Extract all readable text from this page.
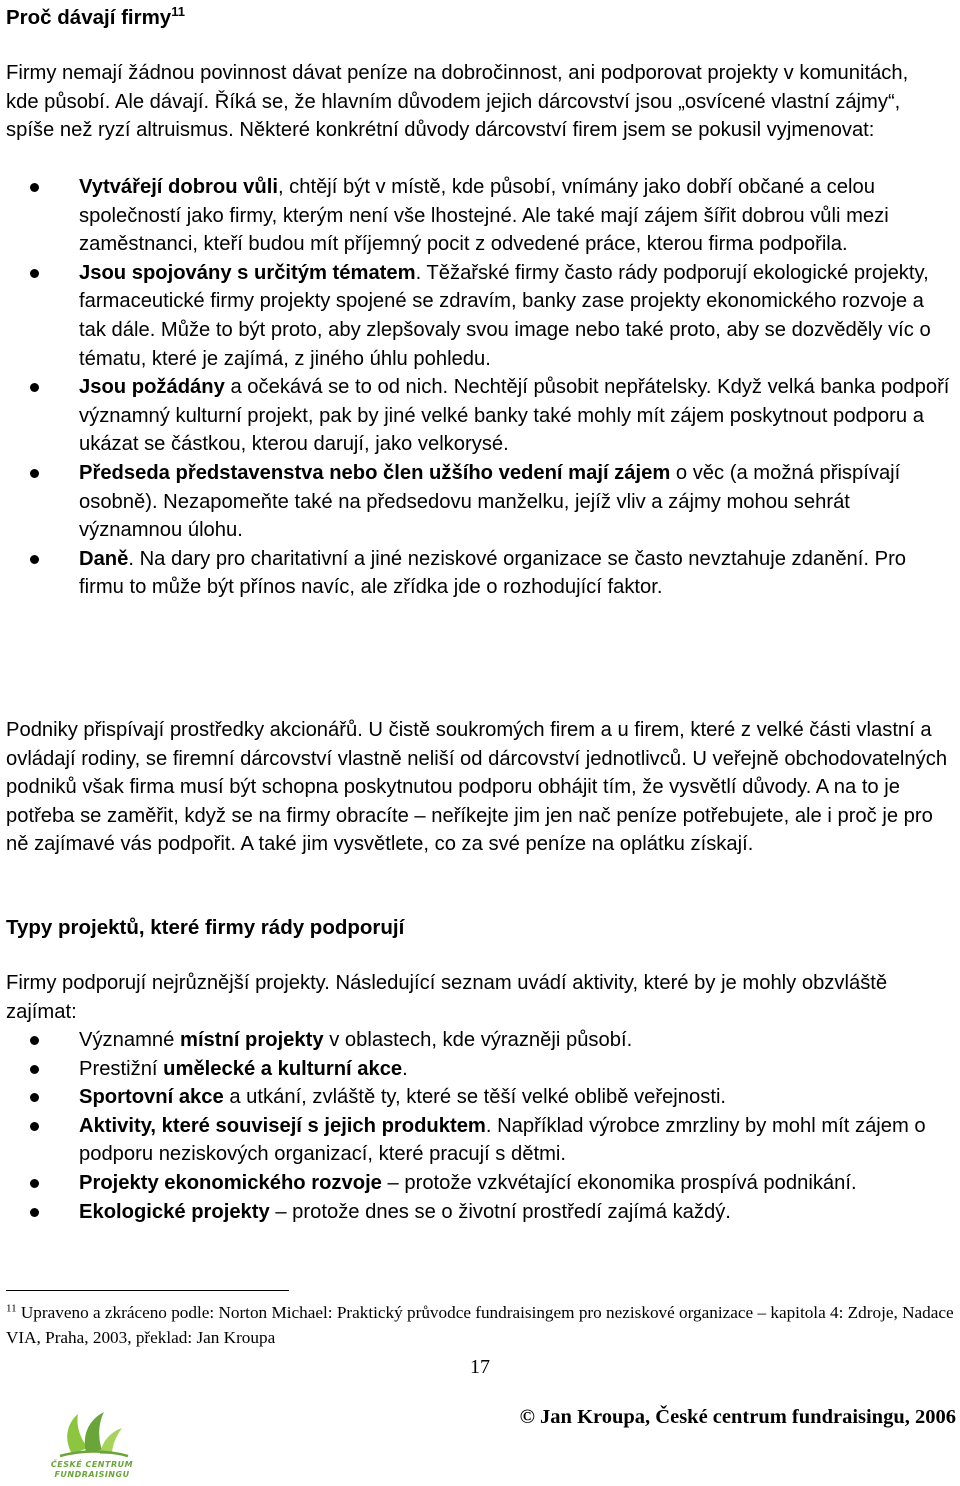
Proč dávají firmy$^{11}$

Firmy nemají žádnou povinnost dávat peníze na dobročinnost, ani podporovat projekty v komunitách, kde působí. Ale dávají. Říká se, že hlavním důvodem jejich dárcovství jsou „osvícené vlastní zájmy“, spíše než ryzí altruismus. Některé konkrétní důvody dárcovství firem jsem se pokusil vyjmenovat:

Vytvářejí dobrou vůli, chtějí být v místě, kde působí, vnímány jako dobří občané a celou společností jako firmy, kterým není vše lhostejné. Ale také mají zájem šířit dobrou vůli mezi zaměstnanci, kteří budou mít příjemný pocit z odvedené práce, kterou firma podpořila.
Jsou spojovány s určitým tématem. Těžařské firmy často rády podporují ekologické projekty, farmaceutické firmy projekty spojené se zdravím, banky zase projekty ekonomického rozvoje a tak dále. Může to být proto, aby zlepšovaly svou image nebo také proto, aby se dozvěděly víc o tématu, které je zajímá, z jiného úhlu pohledu.
Jsou požádány a očekává se to od nich. Nechtějí působit nepřátelsky. Když velká banka podpoří významný kulturní projekt, pak by jiné velké banky také mohly mít zájem poskytnout podporu a ukázat se částkou, kterou darují, jako velkorysé.
Předseda představenstva nebo člen užšího vedení mají zájem o věc (a možná přispívají osobně). Nezapomeňte také na předsedovu manželku, jejíž vliv a zájmy mohou sehrát významnou úlohu.
Daně. Na dary pro charitativní a jiné neziskové organizace se často nevztahuje zdanění. Pro firmu to může být přínos navíc, ale zřídka jde o rozhodující faktor.

Podniky přispívají prostředky akcionářů. U čistě soukromých firem a u firem, které z velké části vlastní a ovládají rodiny, se firemní dárcovství vlastně neliší od dárcovství jednotlivců. U veřejně obchodovatelných podniků však firma musí být schopna poskytnutou podporu obhájit tím, že vysvětlí důvody. A na to je potřeba se zaměřit, když se na firmy obracíte – neříkejte jim jen nač peníze potřebujete, ale i proč je pro ně zajímavé vás podpořit. A také jim vysvětlete, co za své peníze na oplátku získají.

Typy projektů, které firmy rády podporují

Firmy podporují nejrůznější projekty. Následující seznam uvádí aktivity, které by je mohly obzvláště zajímat:

Významné místní projekty v oblastech, kde výrazněji působí.
Prestižní umělecké a kulturní akce.
Sportovní akce a utkání, zvláště ty, které se těší velké oblibě veřejnosti.
Aktivity, které souvisejí s jejich produktem. Například výrobce zmrzliny by mohl mít zájem o podporu neziskových organizací, které pracují s dětmi.
Projekty ekonomického rozvoje – protože vzkvétající ekonomika prospívá podnikání.
Ekologické projekty – protože dnes se o životní prostředí zajímá každý.
$^{11}$ Upraveno a zkráceno podle: Norton Michael: Praktický průvodce fundraisingem pro neziskové organizace – kapitola 4: Zdroje, Nadace VIA, Praha, 2003, překlad: Jan Kroupa
17
ČESKÉ CENTRUM
FUNDRAISINGU
© Jan Kroupa, České centrum fundraisingu, 2006
